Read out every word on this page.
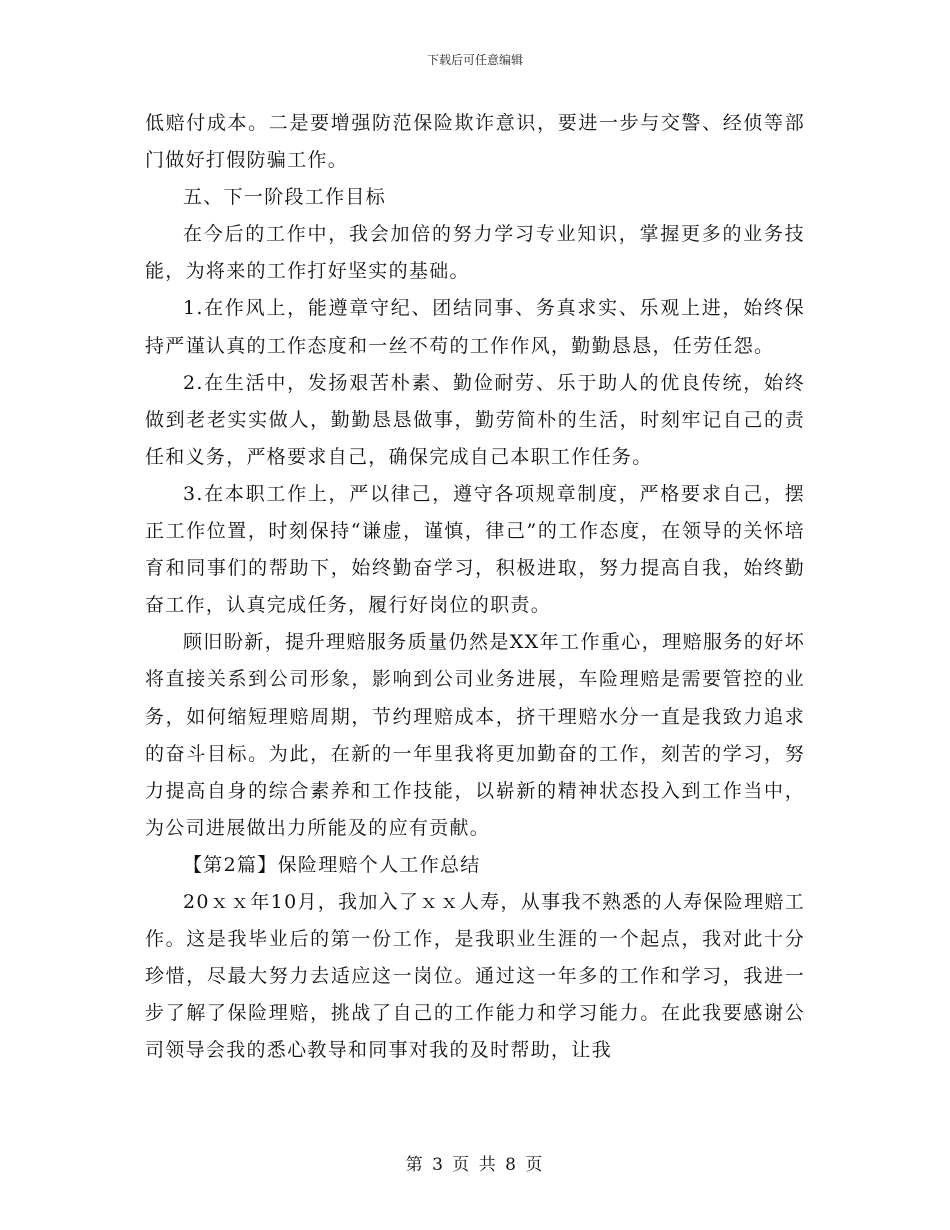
下载后可任意编辑

低赔付成本。二是要增强防范保险欺诈意识，要进一步与交警、经侦等部门做好打假防骗工作。

五、下一阶段工作目标

在今后的工作中，我会加倍的努力学习专业知识，掌握更多的业务技能，为将来的工作打好坚实的基础。

1.在作风上，能遵章守纪、团结同事、务真求实、乐观上进，始终保持严谨认真的工作态度和一丝不苟的工作作风，勤勤恳恳，任劳任怨。

2.在生活中，发扬艰苦朴素、勤俭耐劳、乐于助人的优良传统，始终做到老老实实做人，勤勤恳恳做事，勤劳简朴的生活，时刻牢记自己的责任和义务，严格要求自己，确保完成自己本职工作任务。

3.在本职工作上，严以律己，遵守各项规章制度，严格要求自己，摆正工作位置，时刻保持“谦虚，谨慎，律己”的工作态度，在领导的关怀培育和同事们的帮助下，始终勤奋学习，积极进取，努力提高自我，始终勤奋工作，认真完成任务，履行好岗位的职责。

顾旧盼新，提升理赔服务质量仍然是XX年工作重心，理赔服务的好坏将直接关系到公司形象，影响到公司业务进展，车险理赔是需要管控的业务，如何缩短理赔周期，节约理赔成本，挤干理赔水分一直是我致力追求的奋斗目标。为此，在新的一年里我将更加勤奋的工作，刻苦的学习，努力提高自身的综合素养和工作技能，以崭新的精神状态投入到工作当中，为公司进展做出力所能及的应有贡献。

【第2篇】保险理赔个人工作总结

20ｘｘ年10月，我加入了ｘｘ人寿，从事我不熟悉的人寿保险理赔工作。这是我毕业后的第一份工作，是我职业生涯的一个起点，我对此十分珍惜，尽最大努力去适应这一岗位。通过这一年多的工作和学习，我进一步了解了保险理赔，挑战了自己的工作能力和学习能力。在此我要感谢公司领导会我的悉心教导和同事对我的及时帮助，让我

第 3 页 共 8 页
